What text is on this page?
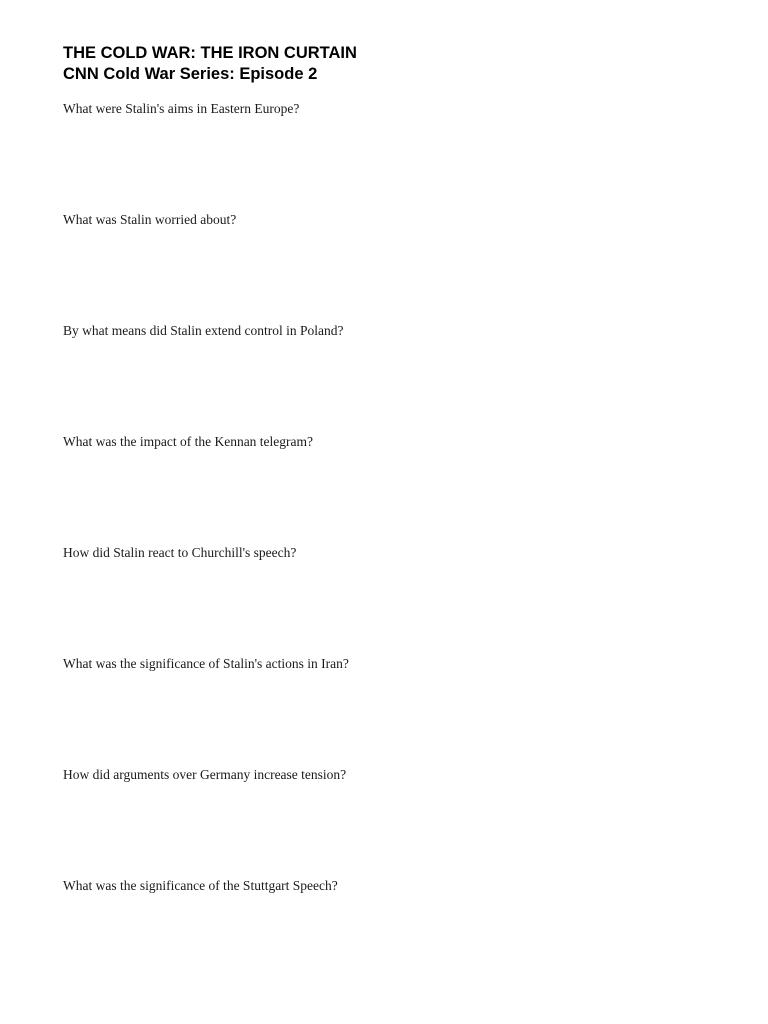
THE COLD WAR: THE IRON CURTAIN
CNN Cold War Series: Episode 2
What were Stalin's aims in Eastern Europe?
What was Stalin worried about?
By what means did Stalin extend control in Poland?
What was the impact of the Kennan telegram?
How did Stalin react to Churchill's speech?
What was the significance of Stalin's actions in Iran?
How did arguments over Germany increase tension?
What was the significance of the Stuttgart Speech?
